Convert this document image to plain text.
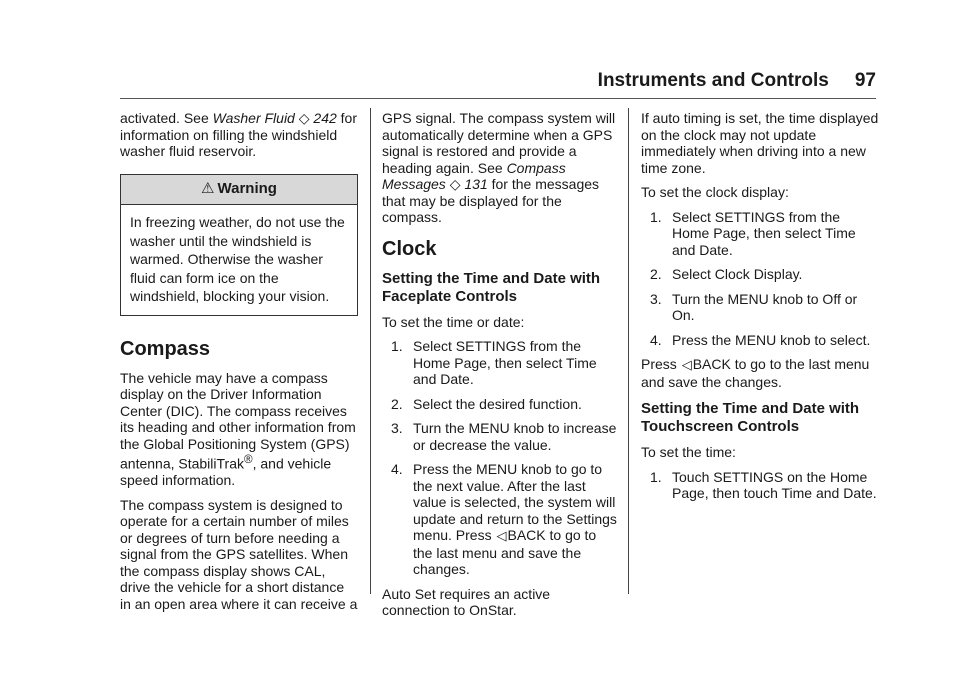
Instruments and Controls 97

activated. See Washer Fluid ◇ 242 for information on filling the windshield washer fluid reservoir.

⚠ Warning
In freezing weather, do not use the washer until the windshield is warmed. Otherwise the washer fluid can form ice on the windshield, blocking your vision.
Compass

The vehicle may have a compass display on the Driver Information Center (DIC). The compass receives its heading and other information from the Global Positioning System (GPS) antenna, StabiliTrak®, and vehicle speed information.

The compass system is designed to operate for a certain number of miles or degrees of turn before needing a signal from the GPS satellites. When the compass display shows CAL, drive the vehicle for a short distance in an open area where it can receive a

GPS signal. The compass system will automatically determine when a GPS signal is restored and provide a heading again. See Compass Messages ◇ 131 for the messages that may be displayed for the compass.

Clock
Setting the Time and Date with Faceplate Controls

To set the time or date:

1. Select SETTINGS from the Home Page, then select Time and Date.
2. Select the desired function.
3. Turn the MENU knob to increase or decrease the value.
4. Press the MENU knob to go to the next value. After the last value is selected, the system will update and return to the Settings menu. Press ◁BACK to go to the last menu and save the changes.

Auto Set requires an active connection to OnStar.

If auto timing is set, the time displayed on the clock may not update immediately when driving into a new time zone.

To set the clock display:

1. Select SETTINGS from the Home Page, then select Time and Date.
2. Select Clock Display.
3. Turn the MENU knob to Off or On.
4. Press the MENU knob to select.

Press ◁BACK to go to the last menu and save the changes.

Setting the Time and Date with Touchscreen Controls

To set the time:

1. Touch SETTINGS on the Home Page, then touch Time and Date.
